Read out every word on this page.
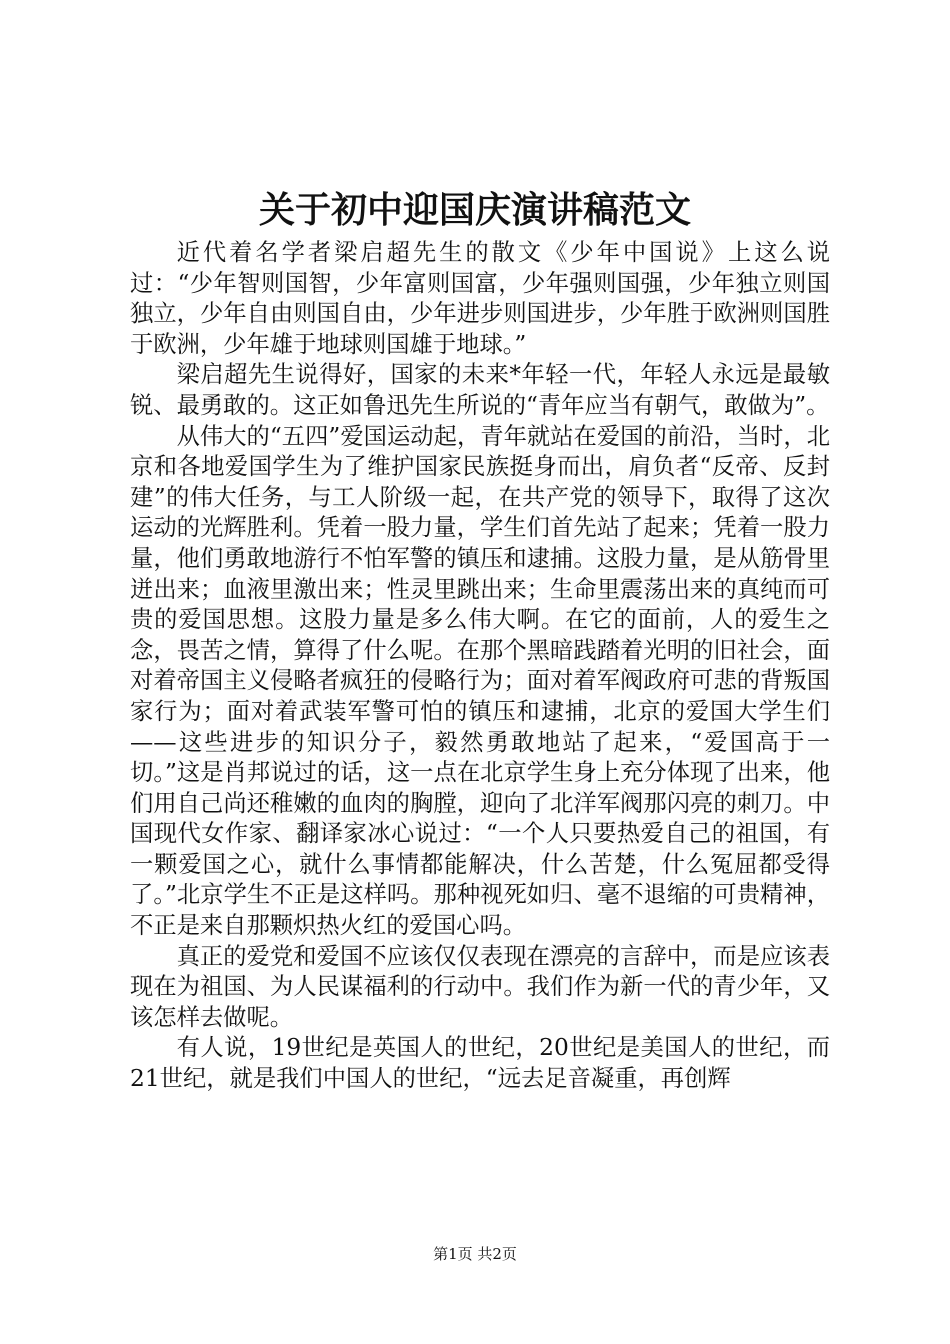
关于初中迎国庆演讲稿范文

近代着名学者梁启超先生的散文《少年中国说》上这么说过：“少年智则国智，少年富则国富，少年强则国强，少年独立则国独立，少年自由则国自由，少年进步则国进步，少年胜于欧洲则国胜于欧洲，少年雄于地球则国雄于地球。”

梁启超先生说得好，国家的未来*年轻一代，年轻人永远是最敏锐、最勇敢的。这正如鲁迅先生所说的“青年应当有朝气，敢做为”。

从伟大的“五四”爱国运动起，青年就站在爱国的前沿，当时，北京和各地爱国学生为了维护国家民族挺身而出，肩负者“反帝、反封建”的伟大任务，与工人阶级一起，在共产党的领导下，取得了这次运动的光辉胜利。凭着一股力量，学生们首先站了起来；凭着一股力量，他们勇敢地游行不怕军警的镇压和逮捕。这股力量，是从筋骨里迸出来；血液里激出来；性灵里跳出来；生命里震荡出来的真纯而可贵的爱国思想。这股力量是多么伟大啊。在它的面前，人的爱生之念，畏苦之情，算得了什么呢。在那个黑暗践踏着光明的旧社会，面对着帝国主义侵略者疯狂的侵略行为；面对着军阀政府可悲的背叛国家行为；面对着武装军警可怕的镇压和逮捕，北京的爱国大学生们——这些进步的知识分子，毅然勇敢地站了起来，“爱国高于一切。”这是肖邦说过的话，这一点在北京学生身上充分体现了出来，他们用自己尚还稚嫩的血肉的胸膛，迎向了北洋军阀那闪亮的刺刀。中国现代女作家、翻译家冰心说过：“一个人只要热爱自己的祖国，有一颗爱国之心，就什么事情都能解决，什么苦楚，什么冤屈都受得了。”北京学生不正是这样吗。那种视死如归、毫不退缩的可贵精神，不正是来自那颗炽热火红的爱国心吗。

真正的爱党和爱国不应该仅仅表现在漂亮的言辞中，而是应该表现在为祖国、为人民谋福利的行动中。我们作为新一代的青少年，又该怎样去做呢。

有人说，19世纪是英国人的世纪，20世纪是美国人的世纪，而21世纪，就是我们中国人的世纪，“远去足音凝重，再创辉

第1页 共2页
